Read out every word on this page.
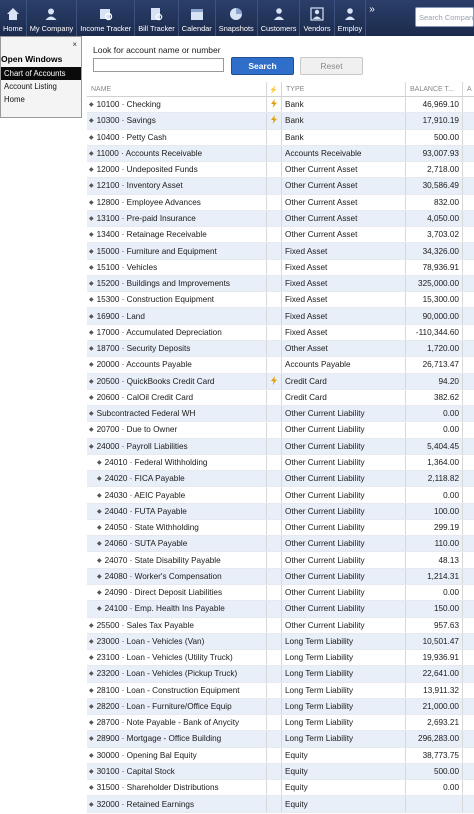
Home My Company Income Tracker Bill Tracker Calendar Snapshots Customers Vendors Employ
»
Search Compan
×
Open Windows
Chart of Accounts
Account Listing
Home
Look for account name or number
Search	Reset
NAME	⚡	TYPE	BALANCE T...	A
◆ 10100 · Checking	Bank	46,969.10
◆ 10300 · Savings	Bank	17,910.19
◆ 10400 · Petty Cash	Bank	500.00
◆ 11000 · Accounts Receivable	Accounts Receivable	93,007.93
◆ 12000 · Undeposited Funds	Other Current Asset	2,718.00
◆ 12100 · Inventory Asset	Other Current Asset	30,586.49
◆ 12800 · Employee Advances	Other Current Asset	832.00
◆ 13100 · Pre-paid Insurance	Other Current Asset	4,050.00
◆ 13400 · Retainage Receivable	Other Current Asset	3,703.02
◆ 15000 · Furniture and Equipment	Fixed Asset	34,326.00
◆ 15100 · Vehicles	Fixed Asset	78,936.91
◆ 15200 · Buildings and Improvements	Fixed Asset	325,000.00
◆ 15300 · Construction Equipment	Fixed Asset	15,300.00
◆ 16900 · Land	Fixed Asset	90,000.00
◆ 17000 · Accumulated Depreciation	Fixed Asset	-110,344.60
◆ 18700 · Security Deposits	Other Asset	1,720.00
◆ 20000 · Accounts Payable	Accounts Payable	26,713.47
◆ 20500 · QuickBooks Credit Card	Credit Card	94.20
◆ 20600 · CalOil Credit Card	Credit Card	382.62
◆ Subcontracted Federal WH	Other Current Liability	0.00
◆ 20700 · Due to Owner	Other Current Liability	0.00
◆ 24000 · Payroll Liabilities	Other Current Liability	5,404.45
◆ 24010 · Federal Withholding	Other Current Liability	1,364.00
◆ 24020 · FICA Payable	Other Current Liability	2,118.82
◆ 24030 · AEIC Payable	Other Current Liability	0.00
◆ 24040 · FUTA Payable	Other Current Liability	100.00
◆ 24050 · State Withholding	Other Current Liability	299.19
◆ 24060 · SUTA Payable	Other Current Liability	110.00
◆ 24070 · State Disability Payable	Other Current Liability	48.13
◆ 24080 · Worker's Compensation	Other Current Liability	1,214.31
◆ 24090 · Direct Deposit Liabilities	Other Current Liability	0.00
◆ 24100 · Emp. Health Ins Payable	Other Current Liability	150.00
◆ 25500 · Sales Tax Payable	Other Current Liability	957.63
◆ 23000 · Loan - Vehicles (Van)	Long Term Liability	10,501.47
◆ 23100 · Loan - Vehicles (Utility Truck)	Long Term Liability	19,936.91
◆ 23200 · Loan - Vehicles (Pickup Truck)	Long Term Liability	22,641.00
◆ 28100 · Loan - Construction Equipment	Long Term Liability	13,911.32
◆ 28200 · Loan - Furniture/Office Equip	Long Term Liability	21,000.00
◆ 28700 · Note Payable - Bank of Anycity	Long Term Liability	2,693.21
◆ 28900 · Mortgage - Office Building	Long Term Liability	296,283.00
◆ 30000 · Opening Bal Equity	Equity	38,773.75
◆ 30100 · Capital Stock	Equity	500.00
◆ 31500 · Shareholder Distributions	Equity	0.00
◆ 32000 · Retained Earnings	Equity
